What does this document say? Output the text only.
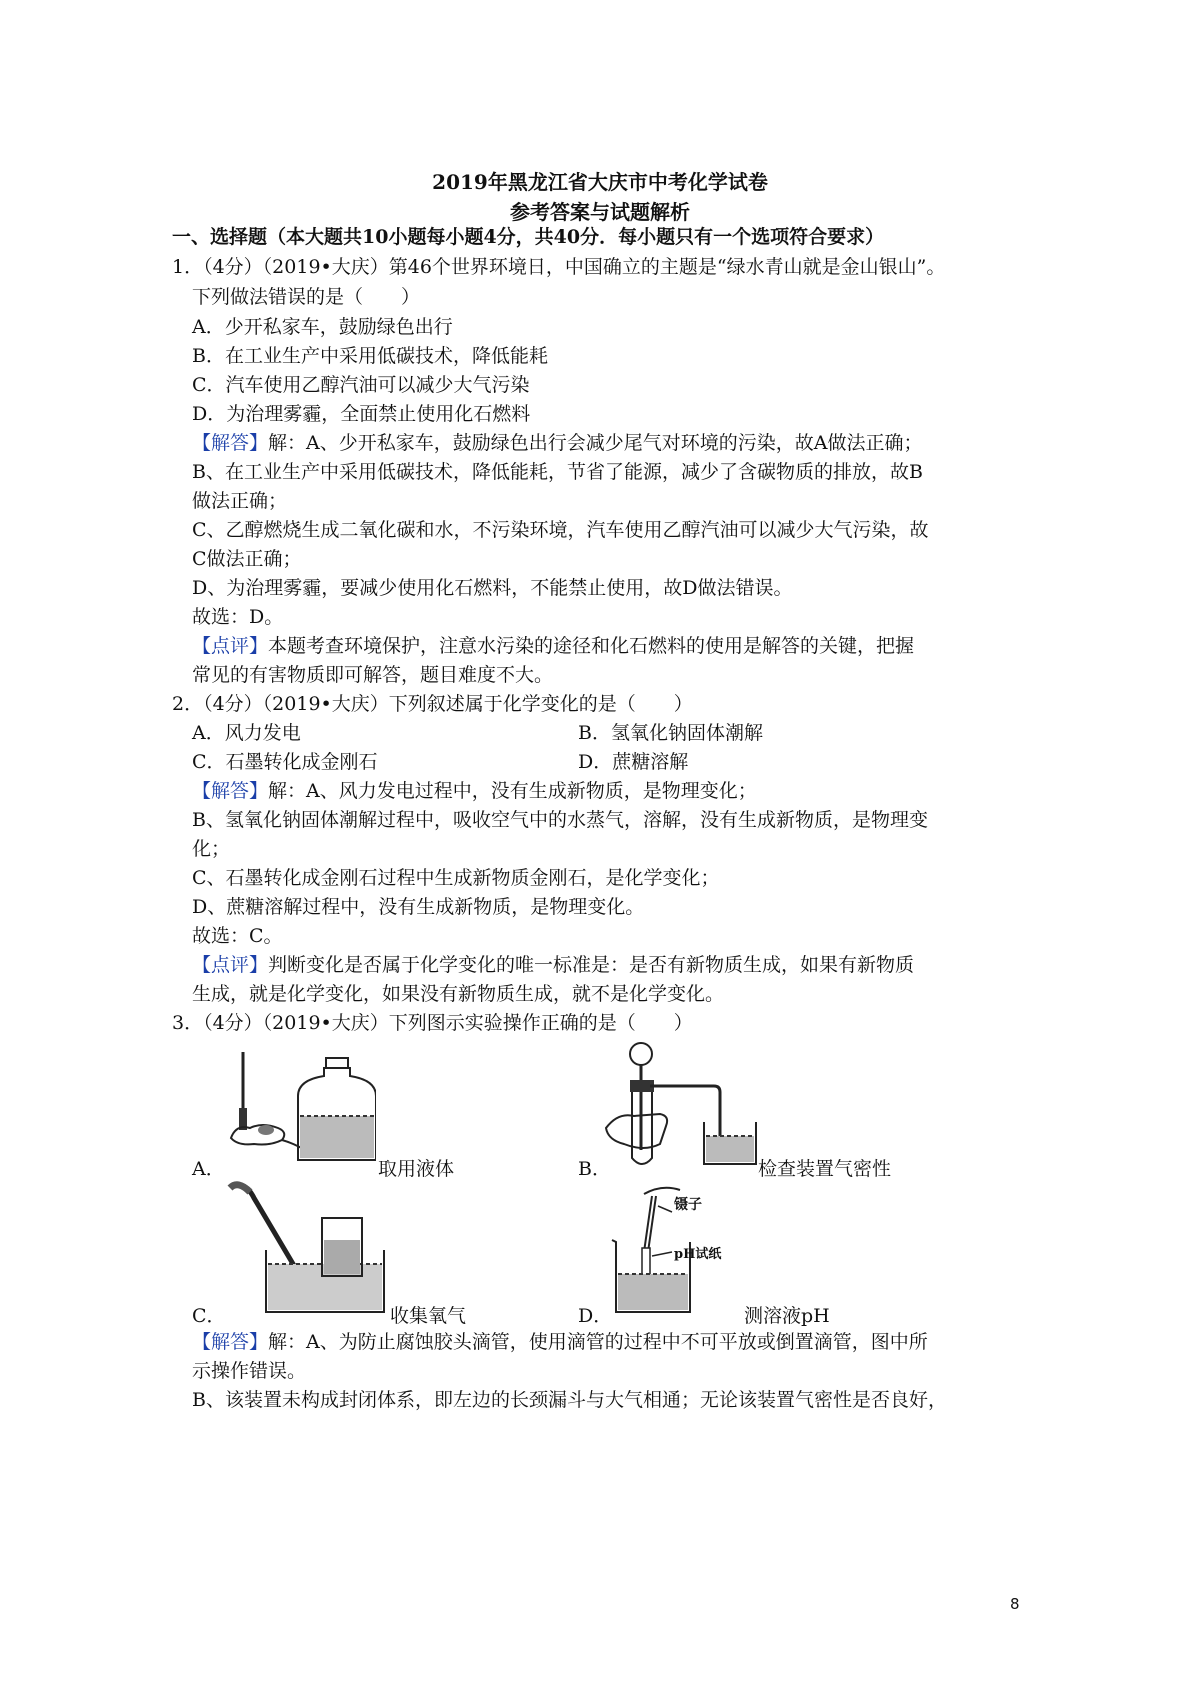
2019年黑龙江省大庆市中考化学试卷
参考答案与试题解析
一、选择题（本大题共10小题每小题4分，共40分．每小题只有一个选项符合要求）
1．（4分）（2019•大庆）第46个世界环境日，中国确立的主题是“绿水青山就是金山银山”。
下列做法错误的是（　　）
A．少开私家车，鼓励绿色出行
B．在工业生产中采用低碳技术，降低能耗
C．汽车使用乙醇汽油可以减少大气污染
D．为治理雾霾，全面禁止使用化石燃料
【解答】解：A、少开私家车，鼓励绿色出行会减少尾气对环境的污染，故A做法正确；
B、在工业生产中采用低碳技术，降低能耗，节省了能源，减少了含碳物质的排放，故B
做法正确；
C、乙醇燃烧生成二氧化碳和水，不污染环境，汽车使用乙醇汽油可以减少大气污染，故
C做法正确；
D、为治理雾霾，要减少使用化石燃料，不能禁止使用，故D做法错误。
故选：D。
【点评】本题考查环境保护，注意水污染的途径和化石燃料的使用是解答的关键，把握
常见的有害物质即可解答，题目难度不大。
2．（4分）（2019•大庆）下列叙述属于化学变化的是（　　）
A．风力发电	B．氢氧化钠固体潮解
C．石墨转化成金刚石	D．蔗糖溶解
【解答】解：A、风力发电过程中，没有生成新物质，是物理变化；
B、氢氧化钠固体潮解过程中，吸收空气中的水蒸气，溶解，没有生成新物质，是物理变
化；
C、石墨转化成金刚石过程中生成新物质金刚石，是化学变化；
D、蔗糖溶解过程中，没有生成新物质，是物理变化。
故选：C。
【点评】判断变化是否属于化学变化的唯一标准是：是否有新物质生成，如果有新物质
生成，就是化学变化，如果没有新物质生成，就不是化学变化。
3．（4分）（2019•大庆）下列图示实验操作正确的是（　　）
A．	取用液体	B．	检查装置气密性
C．	收集氧气
镊子
pH试纸
D．	测溶液pH
【解答】解：A、为防止腐蚀胶头滴管，使用滴管的过程中不可平放或倒置滴管，图中所
示操作错误。
B、该装置未构成封闭体系，即左边的长颈漏斗与大气相通；无论该装置气密性是否良好，
8
